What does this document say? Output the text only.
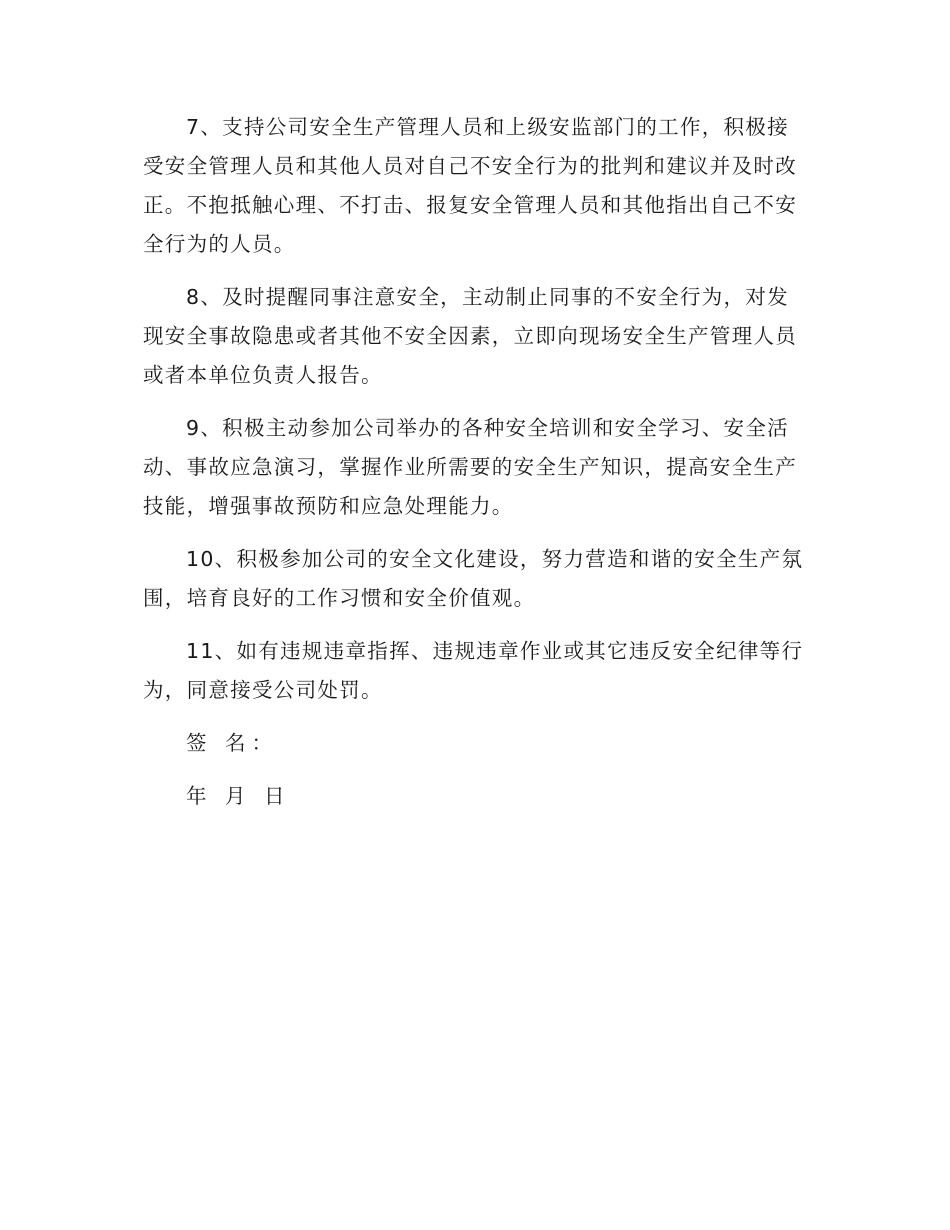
7、支持公司安全生产管理人员和上级安监部门的工作，积极接受安全管理人员和其他人员对自己不安全行为的批判和建议并及时改正。不抱抵触心理、不打击、报复安全管理人员和其他指出自己不安全行为的人员。

8、及时提醒同事注意安全，主动制止同事的不安全行为，对发现安全事故隐患或者其他不安全因素，立即向现场安全生产管理人员或者本单位负责人报告。

9、积极主动参加公司举办的各种安全培训和安全学习、安全活动、事故应急演习，掌握作业所需要的安全生产知识，提高安全生产技能，增强事故预防和应急处理能力。

10、积极参加公司的安全文化建设，努力营造和谐的安全生产氛围，培育良好的工作习惯和安全价值观。

11、如有违规违章指挥、违规违章作业或其它违反安全纪律等行为，同意接受公司处罚。

签 名：
年 月 日
